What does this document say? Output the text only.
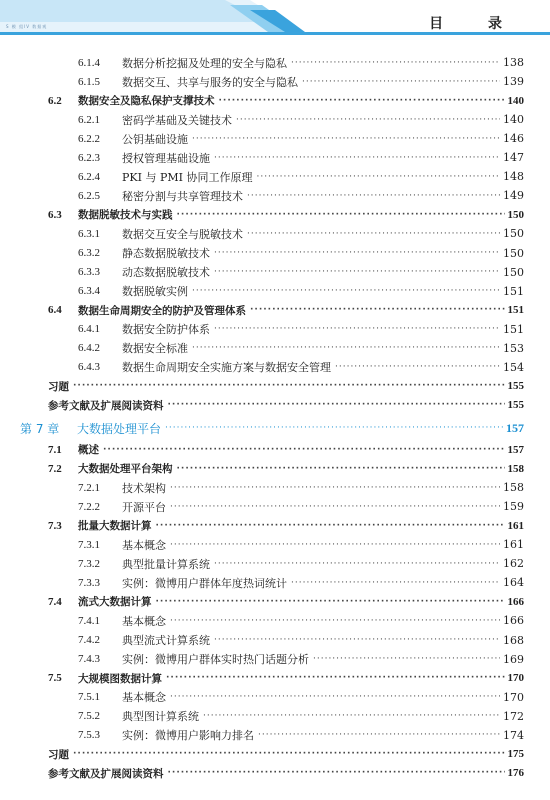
S 模 组IV 数据观	目 录
6.1.4	数据分析挖掘及处理的安全与隐私 ·····	138
6.1.5	数据交互、共享与服务的安全与隐私 ·····	139
6.2	数据安全及隐私保护支撑技术 ·····	140
6.2.1	密码学基础及关键技术 ·····	140
6.2.2	公钥基础设施 ·····	146
6.2.3	授权管理基础设施 ·····	147
6.2.4	PKI 与 PMI 协同工作原理 ·····	148
6.2.5	秘密分割与共享管理技术 ·····	149
6.3	数据脱敏技术与实践 ·····	150
6.3.1	数据交互安全与脱敏技术 ·····	150
6.3.2	静态数据脱敏技术 ·····	150
6.3.3	动态数据脱敏技术 ·····	150
6.3.4	数据脱敏实例 ·····	151
6.4	数据生命周期安全的防护及管理体系 ·····	151
6.4.1	数据安全防护体系 ·····	151
6.4.2	数据安全标准 ·····	153
6.4.3	数据生命周期安全实施方案与数据安全管理 ·····	154
习题 ·····	155
参考文献及扩展阅读资料 ·····	155
第 7 章	大数据处理平台 ·····	157
7.1	概述 ·····	157
7.2	大数据处理平台架构 ·····	158
7.2.1	技术架构 ·····	158
7.2.2	开源平台 ·····	159
7.3	批量大数据计算 ·····	161
7.3.1	基本概念 ·····	161
7.3.2	典型批量计算系统 ·····	162
7.3.3	实例：微博用户群体年度热词统计 ·····	164
7.4	流式大数据计算 ·····	166
7.4.1	基本概念 ·····	166
7.4.2	典型流式计算系统 ·····	168
7.4.3	实例：微博用户群体实时热门话题分析 ·····	169
7.5	大规模图数据计算 ·····	170
7.5.1	基本概念 ·····	170
7.5.2	典型图计算系统 ·····	172
7.5.3	实例：微博用户影响力排名 ·····	174
习题 ·····	175
参考文献及扩展阅读资料 ·····	176
